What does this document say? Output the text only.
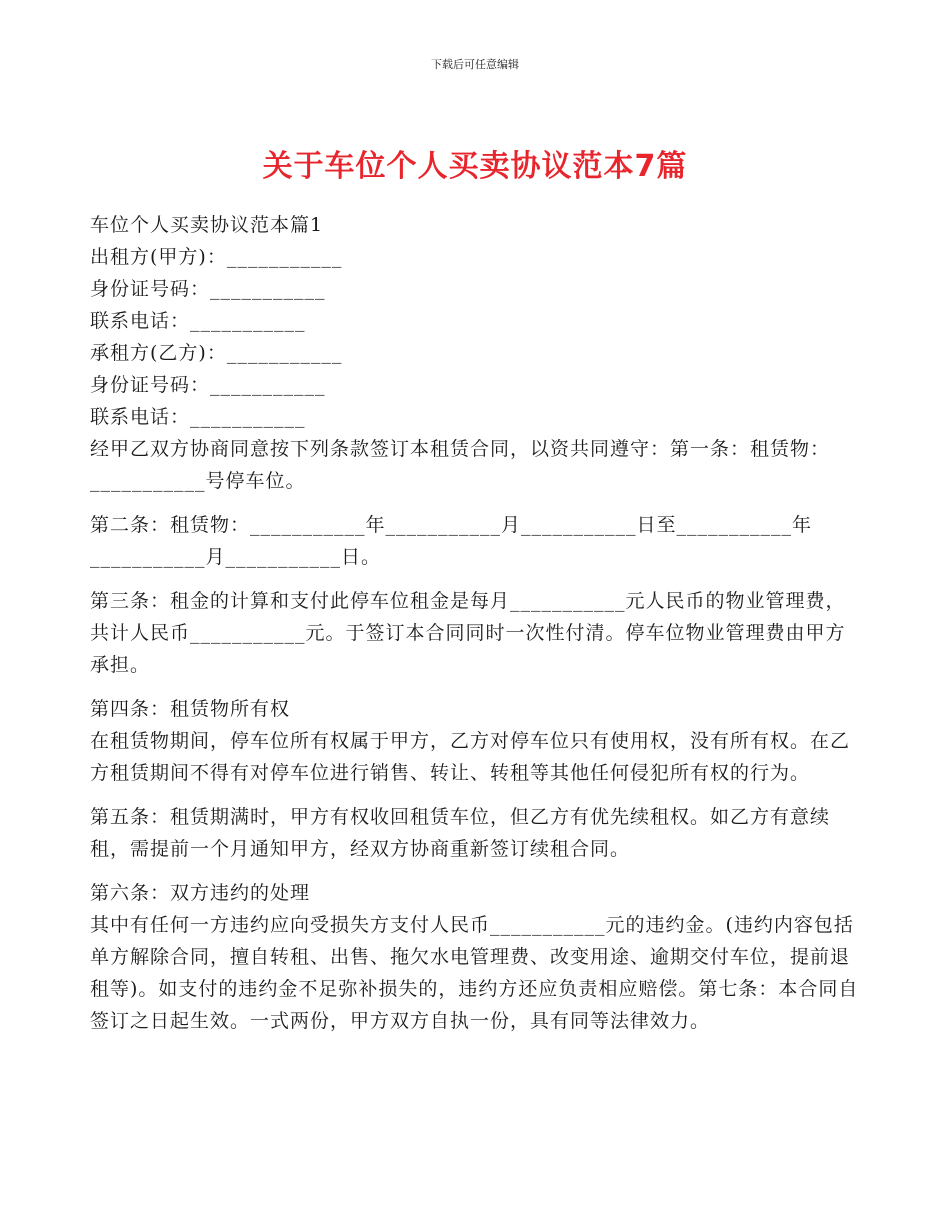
下载后可任意编辑
关于车位个人买卖协议范本7篇

车位个人买卖协议范本篇1

出租方(甲方)：___________

身份证号码：___________

联系电话：___________

承租方(乙方)：___________

身份证号码：___________

联系电话：___________

经甲乙双方协商同意按下列条款签订本租赁合同，以资共同遵守：第一条：租赁物：___________号停车位。

第二条：租赁物：___________年___________月___________日至___________年___________月___________日。

第三条：租金的计算和支付此停车位租金是每月___________元人民币的物业管理费，共计人民币___________元。于签订本合同同时一次性付清。停车位物业管理费由甲方承担。

第四条：租赁物所有权

在租赁物期间，停车位所有权属于甲方，乙方对停车位只有使用权，没有所有权。在乙方租赁期间不得有对停车位进行销售、转让、转租等其他任何侵犯所有权的行为。

第五条：租赁期满时，甲方有权收回租赁车位，但乙方有优先续租权。如乙方有意续租，需提前一个月通知甲方，经双方协商重新签订续租合同。

第六条：双方违约的处理

其中有任何一方违约应向受损失方支付人民币___________元的违约金。(违约内容包括单方解除合同，擅自转租、出售、拖欠水电管理费、改变用途、逾期交付车位，提前退租等)。如支付的违约金不足弥补损失的，违约方还应负责相应赔偿。第七条：本合同自签订之日起生效。一式两份，甲方双方自执一份，具有同等法律效力。
